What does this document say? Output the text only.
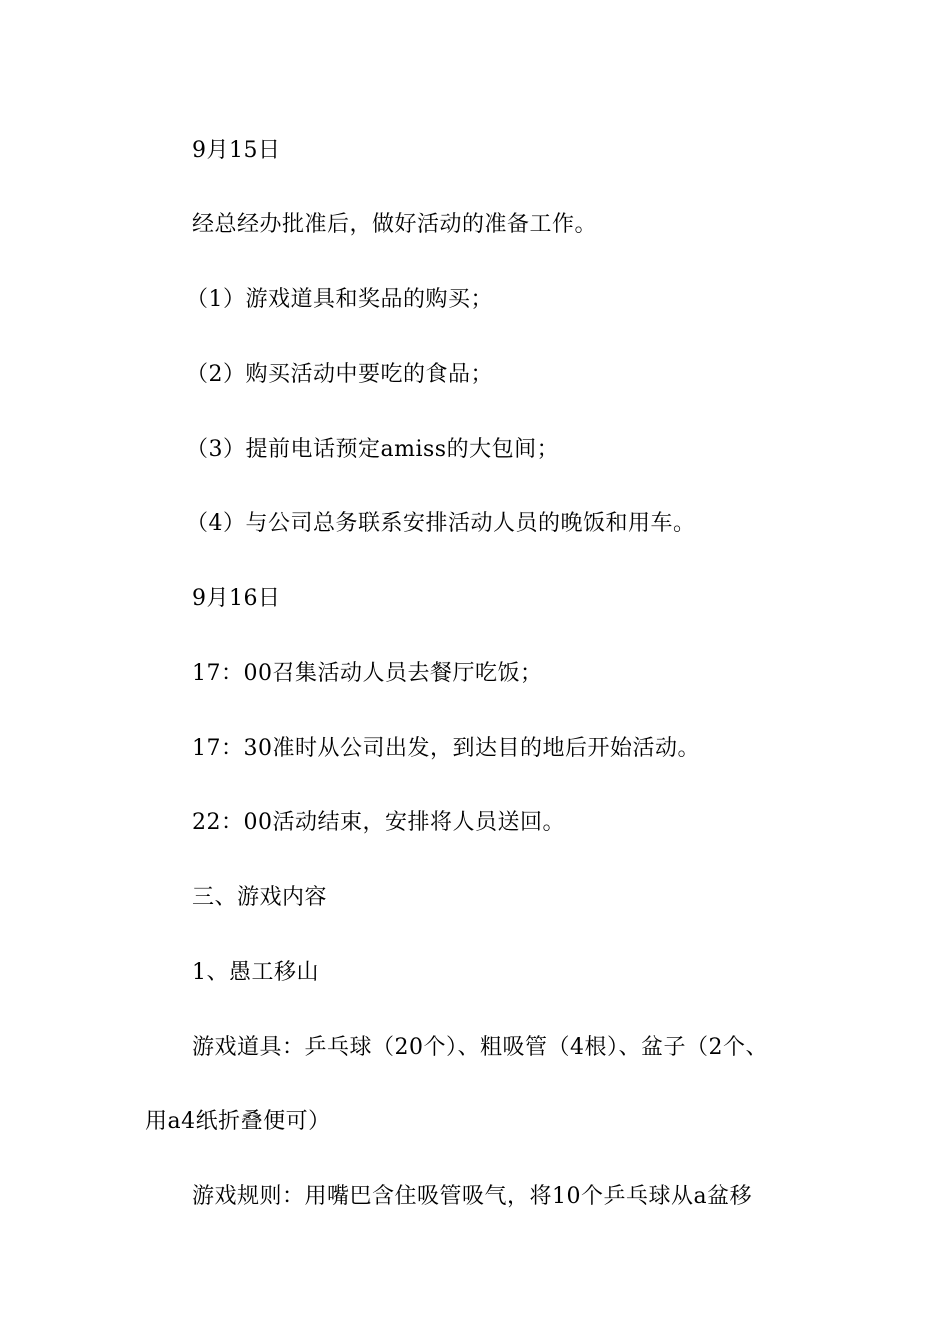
9月15日
经总经办批准后，做好活动的准备工作。
（1）游戏道具和奖品的购买；
（2）购买活动中要吃的食品；
（3）提前电话预定amiss的大包间；
（4）与公司总务联系安排活动人员的晚饭和用车。
9月16日
17：00召集活动人员去餐厅吃饭；
17：30准时从公司出发，到达目的地后开始活动。
22：00活动结束，安排将人员送回。
三、游戏内容
1、愚工移山
游戏道具：乒乓球（20个）、粗吸管（4根）、盆子（2个、
用a4纸折叠便可）
游戏规则：用嘴巴含住吸管吸气，将10个乒乓球从a盆移
